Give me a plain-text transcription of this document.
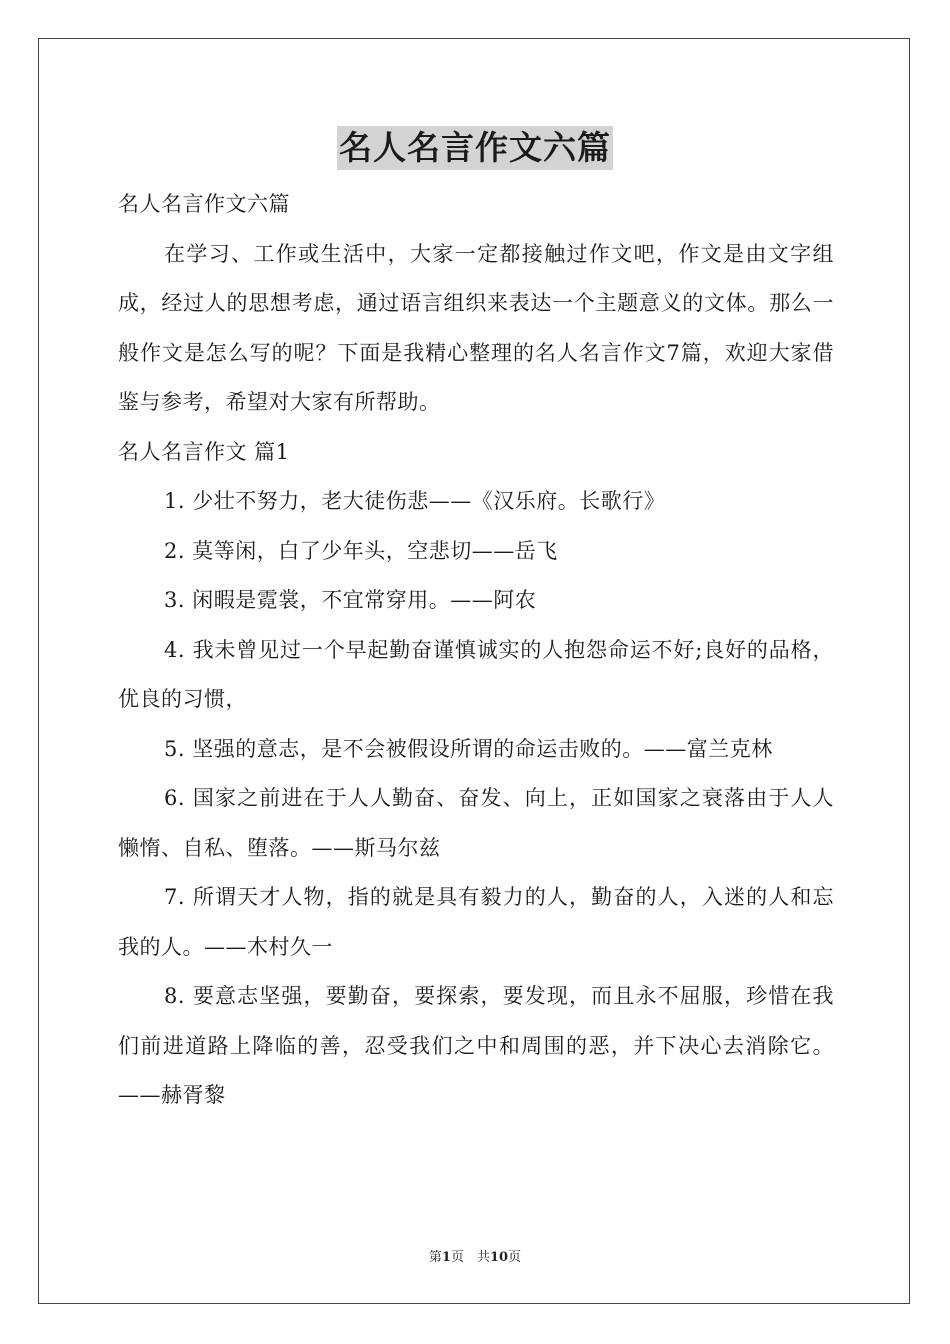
名人名言作文六篇

名人名言作文六篇

在学习、工作或生活中，大家一定都接触过作文吧，作文是由文字组成，经过人的思想考虑，通过语言组织来表达一个主题意义的文体。那么一般作文是怎么写的呢？下面是我精心整理的名人名言作文7篇，欢迎大家借鉴与参考，希望对大家有所帮助。

名人名言作文 篇1

1. 少壮不努力，老大徒伤悲——《汉乐府。长歌行》

2. 莫等闲，白了少年头，空悲切——岳飞

3. 闲暇是霓裳，不宜常穿用。——阿农

4. 我未曾见过一个早起勤奋谨慎诚实的人抱怨命运不好;良好的品格，优良的习惯，

5. 坚强的意志，是不会被假设所谓的命运击败的。——富兰克林

6. 国家之前进在于人人勤奋、奋发、向上，正如国家之衰落由于人人懒惰、自私、堕落。——斯马尔兹

7. 所谓天才人物，指的就是具有毅力的人，勤奋的人，入迷的人和忘我的人。——木村久一

8. 要意志坚强，要勤奋，要探索，要发现，而且永不屈服，珍惜在我们前进道路上降临的善，忍受我们之中和周围的恶，并下决心去消除它。——赫胥黎

第1页　共10页
